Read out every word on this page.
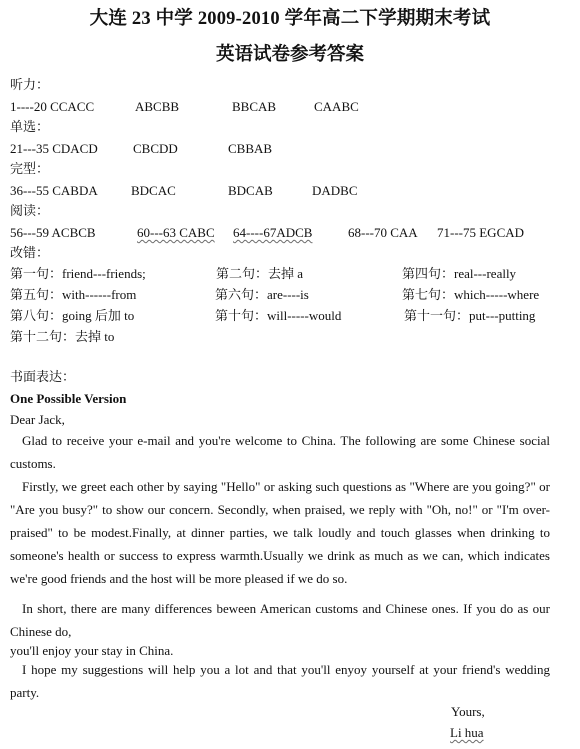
大连 23 中学 2009-2010 学年高二下学期期末考试
英语试卷参考答案
听力：
1----20 CCACC	ABCBB	BBCAB	CAABC
单选：
21---35 CDACD	CBCDD	CBBAB
完型：
36---55 CABDA	BDCAC	BDCAB	DADBC
阅读：
56---59 ACBCB	60---63 CABC 64----67ADCB	68---70 CAA 71---75 EGCAD
改错：
第一句：friend---friends;	第二句：去掉 a	第四句：real---really
第五句：with------from	第六句：are----is	第七句：which-----where
第八句：going 后加 to	第十句：will-----would	第十一句：put---putting
第十二句：去掉 to
书面表达：
One Possible Version
Dear Jack,
Glad to receive your e-mail and you're welcome to China. The following are some Chinese social customs.
Firstly, we greet each other by saying "Hello" or asking such questions as "Where are you going?" or "Are you busy?" to show our concern. Secondly, when praised, we reply with "Oh, no!" or "I'm over-praised" to be modest.Finally, at dinner parties, we talk loudly and touch glasses when drinking to someone's health or success to express warmth.Usually we drink as much as we can, which indicates we're good friends and the host will be more pleased if we do so.
In short, there are many differences beween American customs and Chinese ones. If you do as our Chinese do,
you'll enjoy your stay in China.
I hope my suggestions will help you a lot and that you'll enyoy yourself at your friend's wedding party.
Yours,
Li hua
